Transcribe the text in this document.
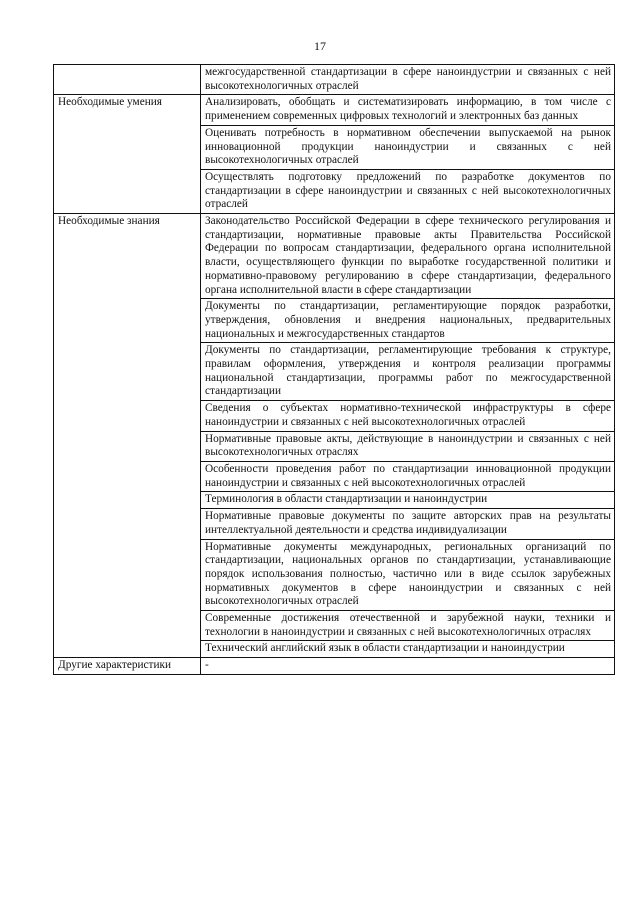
17
	межгосударственной стандартизации в сфере наноиндустрии и связанных с ней высокотехнологичных отраслей
Необходимые умения	Анализировать, обобщать и систематизировать информацию, в том числе с применением современных цифровых технологий и электронных баз данных
	Оценивать потребность в нормативном обеспечении выпускаемой на рынок инновационной продукции наноиндустрии и связанных с ней высокотехнологичных отраслей
	Осуществлять подготовку предложений по разработке документов по стандартизации в сфере наноиндустрии и связанных с ней высокотехнологичных отраслей
Необходимые знания	Законодательство Российской Федерации в сфере технического регулирования и стандартизации, нормативные правовые акты Правительства Российской Федерации по вопросам стандартизации, федерального органа исполнительной власти, осуществляющего функции по выработке государственной политики и нормативно-правовому регулированию в сфере стандартизации, федерального органа исполнительной власти в сфере стандартизации
	Документы по стандартизации, регламентирующие порядок разработки, утверждения, обновления и внедрения национальных, предварительных национальных и межгосударственных стандартов
	Документы по стандартизации, регламентирующие требования к структуре, правилам оформления, утверждения и контроля реализации программы национальной стандартизации, программы работ по межгосударственной стандартизации
	Сведения о субъектах нормативно-технической инфраструктуры в сфере наноиндустрии и связанных с ней высокотехнологичных отраслей
	Нормативные правовые акты, действующие в наноиндустрии и связанных с ней высокотехнологичных отраслях
	Особенности проведения работ по стандартизации инновационной продукции наноиндустрии и связанных с ней высокотехнологичных отраслей
	Терминология в области стандартизации и наноиндустрии
	Нормативные правовые документы по защите авторских прав на результаты интеллектуальной деятельности и средства индивидуализации
	Нормативные документы международных, региональных организаций по стандартизации, национальных органов по стандартизации, устанавливающие порядок использования полностью, частично или в виде ссылок зарубежных нормативных документов в сфере наноиндустрии и связанных с ней высокотехнологичных отраслей
	Современные достижения отечественной и зарубежной науки, техники и технологии в наноиндустрии и связанных с ней высокотехнологичных отраслях
	Технический английский язык в области стандартизации и наноиндустрии
Другие характеристики	-
